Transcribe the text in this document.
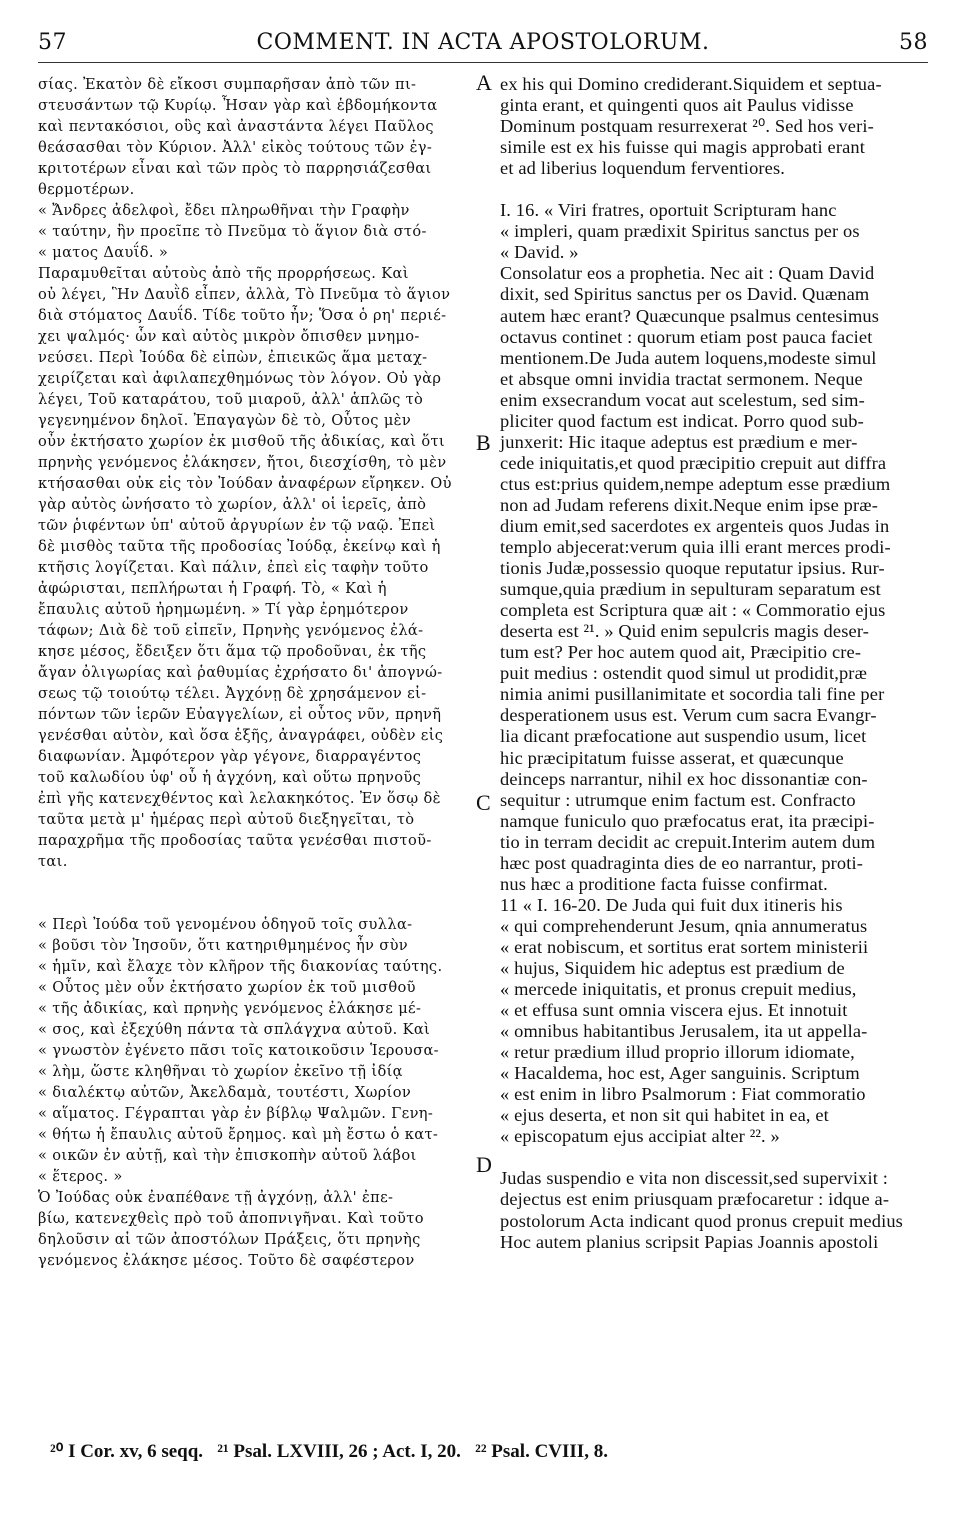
57	COMMENT. IN ACTA APOSTOLORUM.	58

σίας. Ἐκατὸν δὲ εἴκοσι συμπαρῆσαν ἀπὸ τῶν πι-

στευσάντων τῷ Κυρίῳ. Ἦσαν γὰρ καὶ ἑβδομήκοντα

καὶ πεντακόσιοι, οὓς καὶ ἀναστάντα λέγει Παῦλος

θεάσασθαι τὸν Κύριον. Ἀλλ' εἰκὸς τούτους τῶν ἐγ-

κριτοτέρων εἶναι καὶ τῶν πρὸς τὸ παρρησιάζεσθαι

θερμοτέρων.

« Ἄνδρες ἀδελφοὶ, ἔδει πληρωθῆναι τὴν Γραφὴν

« ταύτην, ἣν προεῖπε τὸ Πνεῦμα τὸ ἅγιον διὰ στό-

« ματος Δαυΐδ. »

Παραμυθεῖται αὐτοὺς ἀπὸ τῆς προρρήσεως. Καὶ

οὐ λέγει, Ἣν Δαυῒδ εἶπεν, ἀλλὰ, Τὸ Πνεῦμα τὸ ἅγιον

διὰ στόματος Δαυΐδ. Τίδε τοῦτο ἦν; Ὅσα ὁ ρη' περιέ-

χει ψαλμός· ὧν καὶ αὐτὸς μικρὸν ὄπισθεν μνημο-

νεύσει. Περὶ Ἰούδα δὲ εἰπὼν, ἐπιεικῶς ἅμα μεταχ-

χειρίζεται καὶ ἀφιλαπεχθημόνως τὸν λόγον. Οὐ γὰρ

λέγει, Τοῦ καταράτου, τοῦ μιαροῦ, ἀλλ' ἁπλῶς τὸ

γεγενημένον δηλοῖ. Ἐπαγαγὼν δὲ τὸ, Οὗτος μὲν

οὖν ἐκτήσατο χωρίον ἐκ μισθοῦ τῆς ἀδικίας, καὶ ὅτι

πρηνὴς γενόμενος ἐλάκησεν, ἤτοι, διεσχίσθη, τὸ μὲν

κτήσασθαι οὐκ εἰς τὸν Ἰούδαν ἀναφέρων εἴρηκεν. Οὐ

γὰρ αὐτὸς ὠνήσατο τὸ χωρίον, ἀλλ' οἱ ἱερεῖς, ἀπὸ

τῶν ῥιφέντων ὑπ' αὐτοῦ ἀργυρίων ἐν τῷ ναῷ. Ἐπεὶ

δὲ μισθὸς ταῦτα τῆς προδοσίας Ἰούδᾳ, ἐκείνῳ καὶ ἡ

κτῆσις λογίζεται. Καὶ πάλιν, ἐπεὶ εἰς ταφὴν τοῦτο

ἀφώρισται, πεπλήρωται ἡ Γραφή. Τὸ, « Καὶ ἡ

ἔπαυλις αὐτοῦ ἠρημωμένη. » Τί γὰρ ἐρημότερον

τάφων; Διὰ δὲ τοῦ εἰπεῖν, Πρηνὴς γενόμενος ἐλά-

κησε μέσος, ἔδειξεν ὅτι ἅμα τῷ προδοῦναι, ἐκ τῆς

ἄγαν ὀλιγωρίας καὶ ῥαθυμίας ἐχρήσατο δι' ἀπογνώ-

σεως τῷ τοιούτῳ τέλει. Ἀγχόνῃ δὲ χρησάμενον εἰ-

πόντων τῶν ἱερῶν Εὐαγγελίων, εἰ οὗτος νῦν, πρηνῆ

γενέσθαι αὐτὸν, καὶ ὅσα ἑξῆς, ἀναγράφει, οὐδὲν εἰς

διαφωνίαν. Ἀμφότερον γὰρ γέγονε, διαρραγέντος

τοῦ καλωδίου ὑφ' οὗ ἡ ἀγχόνη, καὶ οὕτω πρηνοῦς

ἐπὶ γῆς κατενεχθέντος καὶ λελακηκότος. Ἐν ὅσῳ δὲ

ταῦτα μετὰ μ' ἡμέρας περὶ αὐτοῦ διεξηγεῖται, τὸ

παραχρῆμα τῆς προδοσίας ταῦτα γενέσθαι πιστοῦ-

ται.

« Περὶ Ἰούδα τοῦ γενομένου ὁδηγοῦ τοῖς συλλα-

« βοῦσι τὸν Ἰησοῦν, ὅτι κατηριθμημένος ἦν σὺν

« ἡμῖν, καὶ ἔλαχε τὸν κλῆρον τῆς διακονίας ταύτης.

« Οὗτος μὲν οὖν ἐκτήσατο χωρίον ἐκ τοῦ μισθοῦ

« τῆς ἀδικίας, καὶ πρηνὴς γενόμενος ἐλάκησε μέ-

« σος, καὶ ἐξεχύθη πάντα τὰ σπλάγχνα αὐτοῦ. Καὶ

« γνωστὸν ἐγένετο πᾶσι τοῖς κατοικοῦσιν Ἱερουσα-

« λὴμ, ὥστε κληθῆναι τὸ χωρίον ἐκεῖνο τῇ ἰδίᾳ

« διαλέκτῳ αὐτῶν, Ἀκελδαμὰ, τουτέστι, Χωρίον

« αἵματος. Γέγραπται γὰρ ἐν βίβλῳ Ψαλμῶν. Γενη-

« θήτω ἡ ἔπαυλις αὐτοῦ ἔρημος. καὶ μὴ ἔστω ὁ κατ-

« οικῶν ἐν αὐτῇ, καὶ τὴν ἐπισκοπὴν αὐτοῦ λάβοι

« ἕτερος. »

Ὁ Ἰούδας οὐκ ἐναπέθανε τῇ ἀγχόνῃ, ἀλλ' ἐπε-

βίω, κατενεχθεὶς πρὸ τοῦ ἀποπνιγῆναι. Καὶ τοῦτο

δηλοῦσιν αἱ τῶν ἀποστόλων Πράξεις, ὅτι πρηνὴς

γενόμενος ἐλάκησε μέσος. Τοῦτο δὲ σαφέστερον

ex his qui Domino crediderant.Siquidem et septua-

ginta erant, et quingenti quos ait Paulus vidisse

Dominum postquam resurrexerat ²⁰. Sed hos veri-

simile est ex his fuisse qui magis approbati erant

et ad liberius loquendum ferventiores.

I. 16. « Viri fratres, oportuit Scripturam hanc

« impleri, quam prædixit Spiritus sanctus per os

« David. »

Consolatur eos a prophetia. Nec ait : Quam David

dixit, sed Spiritus sanctus per os David. Quænam

autem hæc erant? Quæcunque psalmus centesimus

octavus continet : quorum etiam post pauca faciet

mentionem.De Juda autem loquens,modeste simul

et absque omni invidia tractat sermonem. Neque

enim exsecrandum vocat aut scelestum, sed sim-

pliciter quod factum est indicat. Porro quod sub-

junxerit: Hic itaque adeptus est prædium e mer-

cede iniquitatis,et quod præcipitio crepuit aut diffra

ctus est:prius quidem,nempe adeptum esse prædium

non ad Judam referens dixit.Neque enim ipse præ-

dium emit,sed sacerdotes ex argenteis quos Judas in

templo abjecerat:verum quia illi erant merces prodi-

tionis Judæ,possessio quoque reputatur ipsius. Rur-

sumque,quia prædium in sepulturam separatum est

completa est Scriptura quæ ait : « Commoratio ejus

deserta est ²¹. » Quid enim sepulcris magis deser-

tum est? Per hoc autem quod ait, Præcipitio cre-

puit medius : ostendit quod simul ut prodidit,præ

nimia animi pusillanimitate et socordia tali fine per

desperationem usus est. Verum cum sacra Evangr-

lia dicant præfocatione aut suspendio usum, licet

hic præcipitatum fuisse asserat, et quæcunque

deinceps narrantur, nihil ex hoc dissonantiæ con-

sequitur : utrumque enim factum est. Confracto

namque funiculo quo præfocatus erat, ita præcipi-

tio in terram decidit ac crepuit.Interim autem dum

hæc post quadraginta dies de eo narrantur, proti-

nus hæc a proditione facta fuisse confirmat.

11 « I. 16-20. De Juda qui fuit dux itineris his

« qui comprehenderunt Jesum, qnia annumeratus

« erat nobiscum, et sortitus erat sortem ministerii

« hujus, Siquidem hic adeptus est prædium de

« mercede iniquitatis, et pronus crepuit medius,

« et effusa sunt omnia viscera ejus. Et innotuit

« omnibus habitantibus Jerusalem, ita ut appella-

« retur prædium illud proprio illorum idiomate,

« Hacaldema, hoc est, Ager sanguinis. Scriptum

« est enim in libro Psalmorum : Fiat commoratio

« ejus deserta, et non sit qui habitet in ea, et

« episcopatum ejus accipiat alter ²². »

Judas suspendio e vita non discessit,sed supervixit :

dejectus est enim priusquam præfocaretur : idque a-

postolorum Acta indicant quod pronus crepuit medius

Hoc autem planius scripsit Papias Joannis apostoli

A
B
C
D
²⁰ I Cor. xv, 6 seqq.   ²¹ Psal. LXVIII, 26 ; Act. I, 20.   ²² Psal. CVIII, 8.
